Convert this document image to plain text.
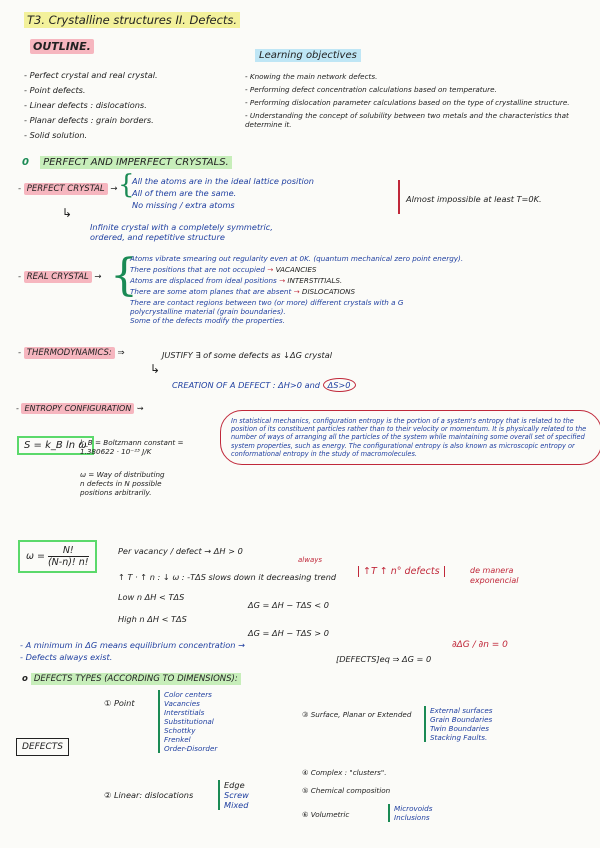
T3. Crystalline structures II. Defects.
OUTLINE.
- Perfect crystal and real crystal.
- Point defects.
- Linear defects : dislocations.
- Planar defects : grain borders.
- Solid solution.
Learning objectives
- Knowing the main network defects.
- Performing defect concentration calculations based on temperature.
- Performing dislocation parameter calculations based on the type of crystalline structure.
- Understanding the concept of solubility between two metals and the characteristics that determine it.
0 PERFECT AND IMPERFECT CRYSTALS.
- PERFECT CRYSTAL → {
All the atoms are in the ideal lattice position
All of them are the same.
No missing / extra atoms
Almost impossible at least T=0K.
↳
Infinite crystal with a completely symmetric,
ordered, and repetitive structure
- REAL CRYSTAL → {
Atoms vibrate smearing out regularity even at 0K. (quantum mechanical zero point energy).
There positions that are not occupied → VACANCIES
Atoms are displaced from ideal positions → INTERSTITIALS.
There are some atom planes that are absent → DISLOCATIONS
There are contact regions between two (or more) different crystals with a G
polycrystalline material (grain boundaries).
Some of the defects modify the properties.
- THERMODYNAMICS: ⇒	JUSTIFY ∃ of some defects as ↓ΔG crystal
↳
CREATION OF A DEFECT : ΔH>0 and ΔS>0
- ENTROPY CONFIGURATION ⇝
S = k_B ln ω
k_B = Boltzmann constant =
1.380622 · 10⁻²³ J/K
ω = Way of distributing
n defects in N possible
positions arbitrarily.
In statistical mechanics, configuration entropy is the portion of a system's entropy that is related to the position of its constituent particles rather than to their velocity or momentum. It is physically related to the number of ways of arranging all the particles of the system while maintaining some overall set of specified system properties, such as energy. The configurational entropy is also known as microscopic entropy or conformational entropy in the study of macromolecules.
$\omega = \frac{N!}{(N-n)! n!}$	Per vacancy / defect → ΔH > 0
always
↑ T · ↑ n : ↓ ω : -TΔS slows down it decreasing trend
Low n ΔH < TΔS
ΔG = ΔH − TΔS < 0
High n ΔH < TΔS
ΔG = ΔH − TΔS > 0
↑T ↑ n° defects	de manera exponencial
- A minimum in ΔG means equilibrium concentration →
- Defects always exist.	[DEFECTS]eq ⇒ ΔG = 0
∂ΔG / ∂n = 0
o DEFECTS TYPES (ACCORDING TO DIMENSIONS):
DEFECTS
① Point
Color centers
Vacancies
Interstitials
Substitutional
Schottky
Frenkel
Order-Disorder
② Linear: dislocations
Edge
Screw
Mixed
③ Surface, Planar or Extended	External surfaces
Grain Boundaries
Twin Boundaries
Stacking Faults.
④ Complex : "clusters".
⑤ Chemical composition
⑥ Volumetric
Microvoids
Inclusions
